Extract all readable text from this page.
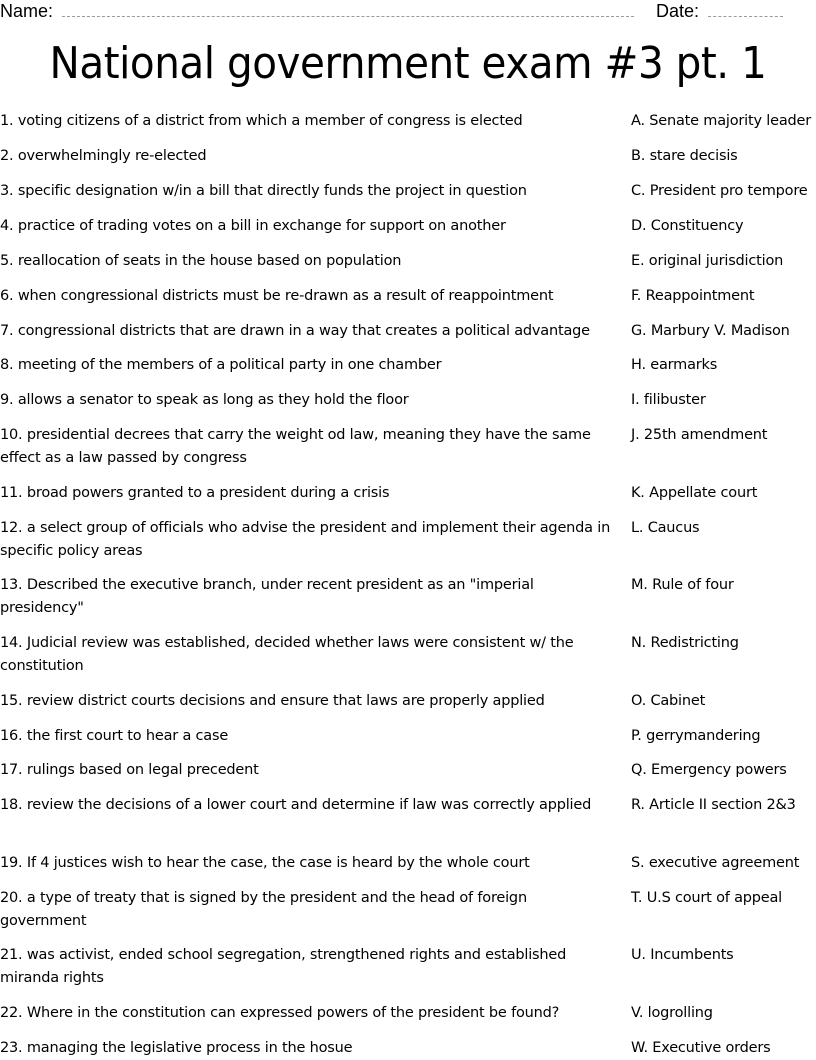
Name:	Date:
National government exam #3 pt. 1
1. voting citizens of a district from which a member of congress is elected
2. overwhelmingly re-elected
3. specific designation w/in a bill that directly funds the project in question
4. practice of trading votes on a bill in exchange for support on another
5. reallocation of seats in the house based on population
6. when congressional districts must be re-drawn as a result of reappointment
7. congressional districts that are drawn in a way that creates a political advantage
8. meeting of the members of a political party in one chamber
9. allows a senator to speak as long as they hold the floor
10. presidential decrees that carry the weight od law, meaning they have the same effect as a law passed by congress
11. broad powers granted to a president during a crisis
12. a select group of officials who advise the president and implement their agenda in specific policy areas
13. Described the executive branch, under recent president as an "imperial presidency"
14. Judicial review was established, decided whether laws were consistent w/ the constitution
15. review district courts decisions and ensure that laws are properly applied
16. the first court to hear a case
17. rulings based on legal precedent
18. review the decisions of a lower court and determine if law was correctly applied
19. If 4 justices wish to hear the case, the case is heard by the whole court
20. a type of treaty that is signed by the president and the head of foreign government
21. was activist, ended school segregation, strengthened rights and established miranda rights
22. Where in the constitution can expressed powers of the president be found?
23. managing the legislative process in the hosue
A. Senate majority leader
B. stare decisis
C. President pro tempore
D. Constituency
E. original jurisdiction
F. Reappointment
G. Marbury V. Madison
H. earmarks
I. filibuster
J. 25th amendment
K. Appellate court
L. Caucus
M. Rule of four
N. Redistricting
O. Cabinet
P. gerrymandering
Q. Emergency powers
R. Article II section 2&3
S. executive agreement
T. U.S court of appeal
U. Incumbents
V. logrolling
W. Executive orders
